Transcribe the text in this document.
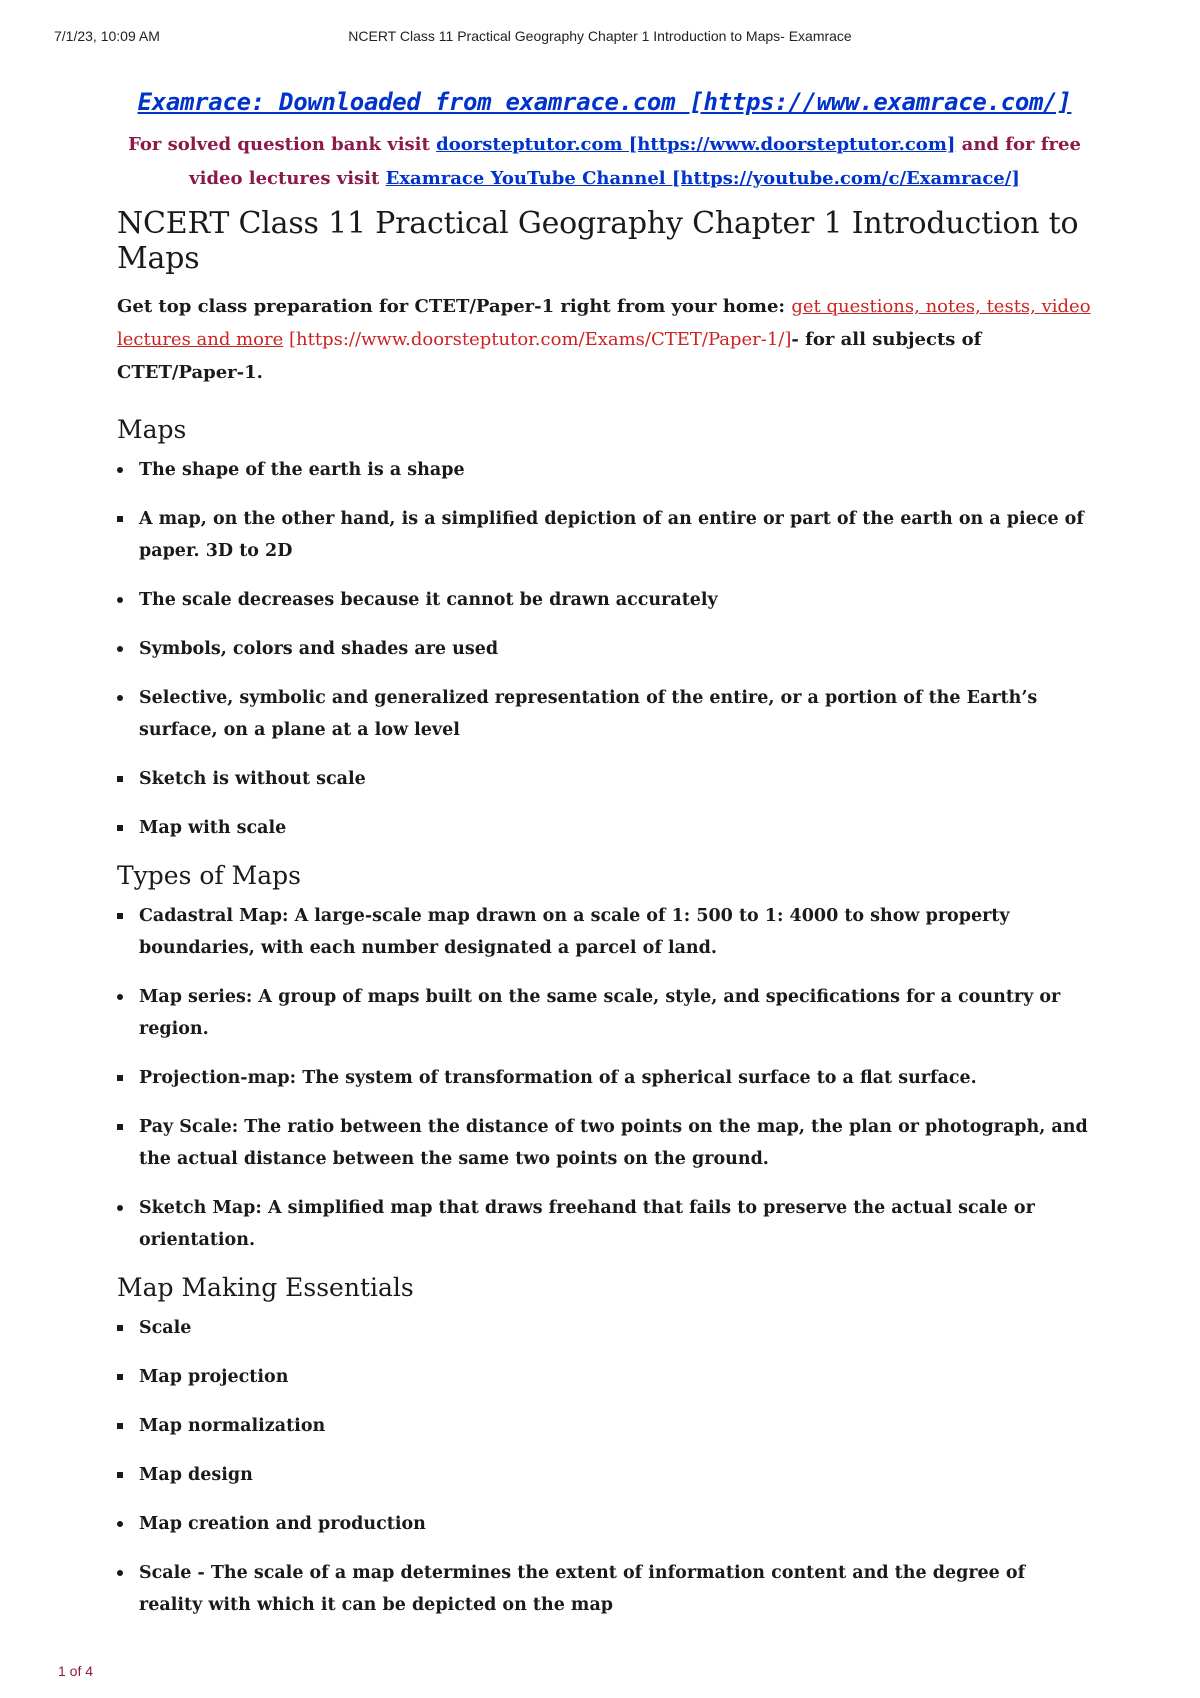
7/1/23, 10:09 AM	NCERT Class 11 Practical Geography Chapter 1 Introduction to Maps- Examrace
Examrace: Downloaded from examrace.com [https://www.examrace.com/]
For solved question bank visit doorsteptutor.com [https://www.doorsteptutor.com] and for free video lectures visit Examrace YouTube Channel [https://youtube.com/c/Examrace/]
NCERT Class 11 Practical Geography Chapter 1 Introduction to Maps
Get top class preparation for CTET/Paper-1 right from your home: get questions, notes, tests, video lectures and more [https://www.doorsteptutor.com/Exams/CTET/Paper-1/]- for all subjects of CTET/Paper-1.
Maps
The shape of the earth is a shape
A map, on the other hand, is a simplified depiction of an entire or part of the earth on a piece of paper. 3D to 2D
The scale decreases because it cannot be drawn accurately
Symbols, colors and shades are used
Selective, symbolic and generalized representation of the entire, or a portion of the Earth’s surface, on a plane at a low level
Sketch is without scale
Map with scale
Types of Maps
Cadastral Map: A large-scale map drawn on a scale of 1: 500 to 1: 4000 to show property boundaries, with each number designated a parcel of land.
Map series: A group of maps built on the same scale, style, and specifications for a country or region.
Projection-map: The system of transformation of a spherical surface to a flat surface.
Pay Scale: The ratio between the distance of two points on the map, the plan or photograph, and the actual distance between the same two points on the ground.
Sketch Map: A simplified map that draws freehand that fails to preserve the actual scale or orientation.
Map Making Essentials
Scale
Map projection
Map normalization
Map design
Map creation and production
Scale - The scale of a map determines the extent of information content and the degree of reality with which it can be depicted on the map
1 of 4
